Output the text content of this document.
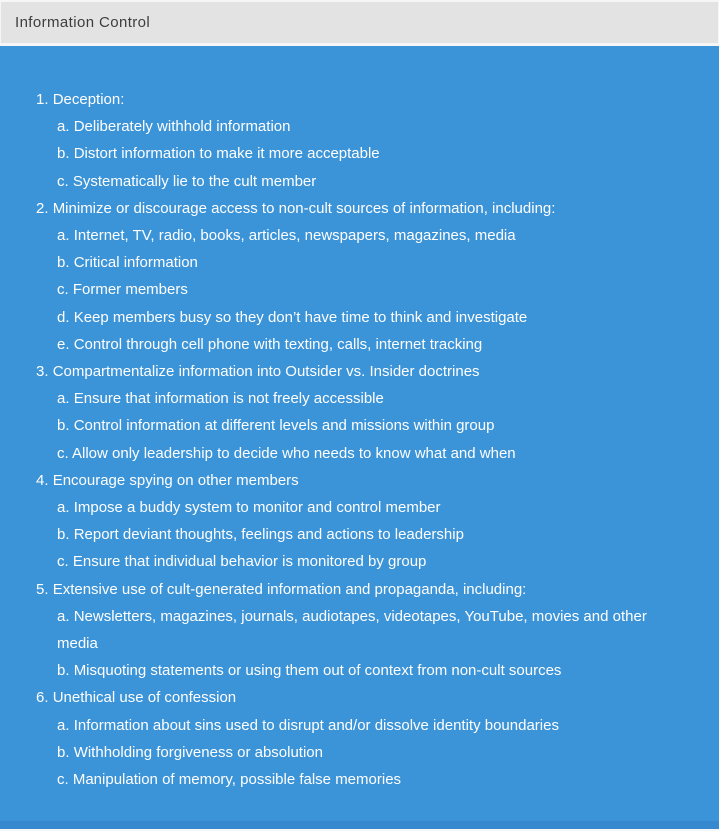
Information Control
1. Deception:
a. Deliberately withhold information
b. Distort information to make it more acceptable
c. Systematically lie to the cult member
2. Minimize or discourage access to non-cult sources of information, including:
a. Internet, TV, radio, books, articles, newspapers, magazines, media
b. Critical information
c. Former members
d. Keep members busy so they don’t have time to think and investigate
e. Control through cell phone with texting, calls, internet tracking
3. Compartmentalize information into Outsider vs. Insider doctrines
a. Ensure that information is not freely accessible
b. Control information at different levels and missions within group
c. Allow only leadership to decide who needs to know what and when
4. Encourage spying on other members
a. Impose a buddy system to monitor and control member
b. Report deviant thoughts, feelings and actions to leadership
c. Ensure that individual behavior is monitored by group
5. Extensive use of cult-generated information and propaganda, including:
a. Newsletters, magazines, journals, audiotapes, videotapes, YouTube, movies and other media
b. Misquoting statements or using them out of context from non-cult sources
6. Unethical use of confession
a. Information about sins used to disrupt and/or dissolve identity boundaries
b. Withholding forgiveness or absolution
c. Manipulation of memory, possible false memories
